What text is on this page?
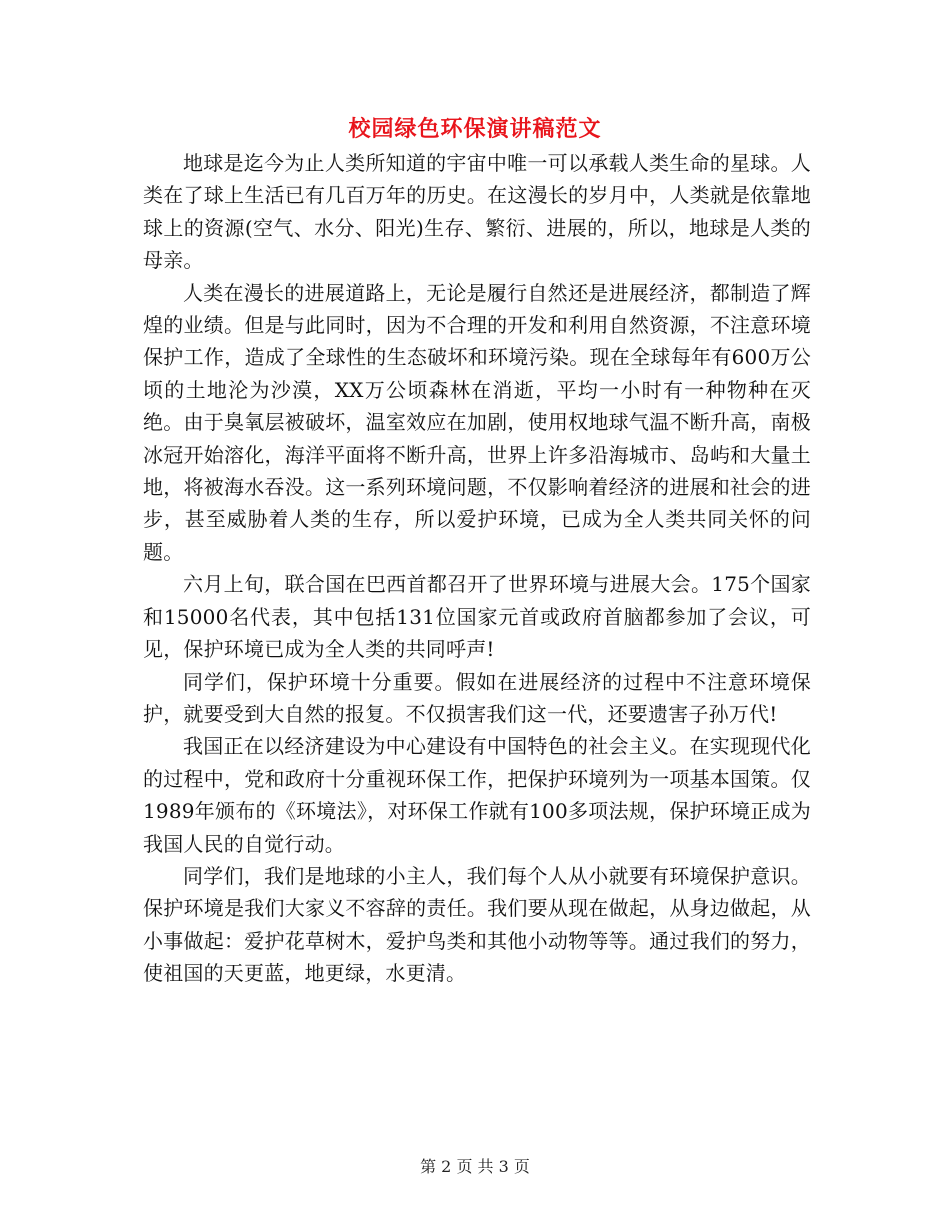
校园绿色环保演讲稿范文

地球是迄今为止人类所知道的宇宙中唯一可以承载人类生命的星球。人类在了球上生活已有几百万年的历史。在这漫长的岁月中，人类就是依靠地球上的资源(空气、水分、阳光)生存、繁衍、进展的，所以，地球是人类的母亲。

人类在漫长的进展道路上，无论是履行自然还是进展经济，都制造了辉煌的业绩。但是与此同时，因为不合理的开发和利用自然资源，不注意环境保护工作，造成了全球性的生态破坏和环境污染。现在全球每年有600万公顷的土地沦为沙漠，XX万公顷森林在消逝，平均一小时有一种物种在灭绝。由于臭氧层被破坏，温室效应在加剧，使用权地球气温不断升高，南极冰冠开始溶化，海洋平面将不断升高，世界上许多沿海城市、岛屿和大量土地，将被海水吞没。这一系列环境问题，不仅影响着经济的进展和社会的进步，甚至威胁着人类的生存，所以爱护环境，已成为全人类共同关怀的问题。

六月上旬，联合国在巴西首都召开了世界环境与进展大会。175个国家和15000名代表，其中包括131位国家元首或政府首脑都参加了会议，可见，保护环境已成为全人类的共同呼声!

同学们，保护环境十分重要。假如在进展经济的过程中不注意环境保护，就要受到大自然的报复。不仅损害我们这一代，还要遗害子孙万代!

我国正在以经济建设为中心建设有中国特色的社会主义。在实现现代化的过程中，党和政府十分重视环保工作，把保护环境列为一项基本国策。仅1989年颁布的《环境法》，对环保工作就有100多项法规，保护环境正成为我国人民的自觉行动。

同学们，我们是地球的小主人，我们每个人从小就要有环境保护意识。保护环境是我们大家义不容辞的责任。我们要从现在做起，从身边做起，从小事做起：爱护花草树木，爱护鸟类和其他小动物等等。通过我们的努力，使祖国的天更蓝，地更绿，水更清。

第 2 页 共 3 页
